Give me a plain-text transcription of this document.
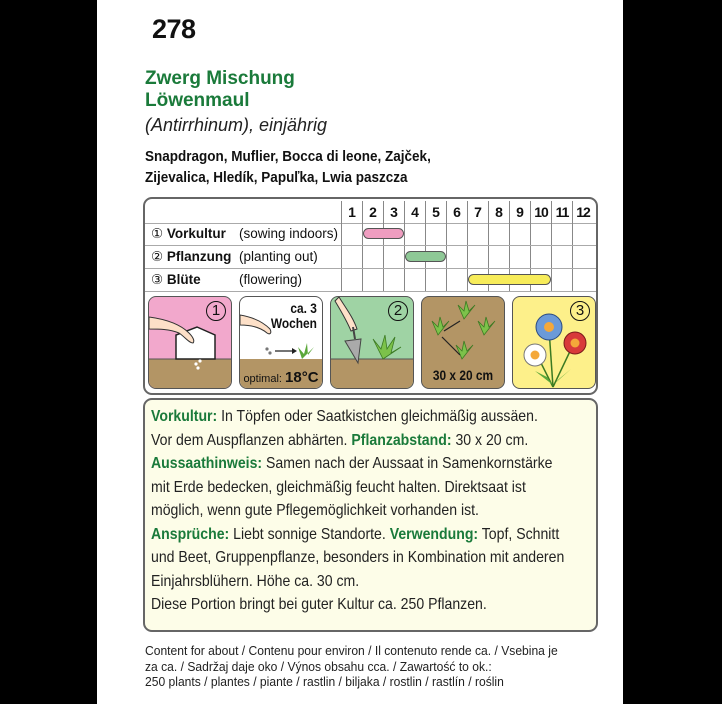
278
Zwerg Mischung
Löwenmaul
(Antirrhinum), einjährig
Snapdragon, Muflier, Bocca di leone, Zajček,
Zijevalica, Hledík, Papuľka, Lwia paszcza
1 2 3 4 5 6 7 8 9 10 11 12
① Vorkultur (sowing indoors)
② Pflanzung (planting out)
③ Blüte	(flowering)
1	ca. 3
Wochen
optimal: 18°C
2
30 x 20 cm
3

Vorkultur: In Töpfen oder Saatkistchen gleichmäßig aussäen.
Vor dem Auspflanzen abhärten. Pflanzabstand: 30 x 20 cm.
Aussaathinweis: Samen nach der Aussaat in Samenkornstärke
mit Erde bedecken, gleichmäßig feucht halten. Direktsaat ist
möglich, wenn gute Pflegemöglichkeit vorhanden ist.
Ansprüche: Liebt sonnige Standorte. Verwendung: Topf, Schnitt
und Beet, Gruppenpflanze, besonders in Kombination mit anderen
Einjahrsblühern. Höhe ca. 30 cm.
Diese Portion bringt bei guter Kultur ca. 250 Pflanzen.

Content for about / Contenu pour environ / Il contenuto rende ca. / Vsebina je
za ca. / Sadržaj daje oko / Výnos obsahu cca. / Zawartość to ok.:
250 plants / plantes / piante / rastlin / biljaka / rostlin / rastlín / roślin
